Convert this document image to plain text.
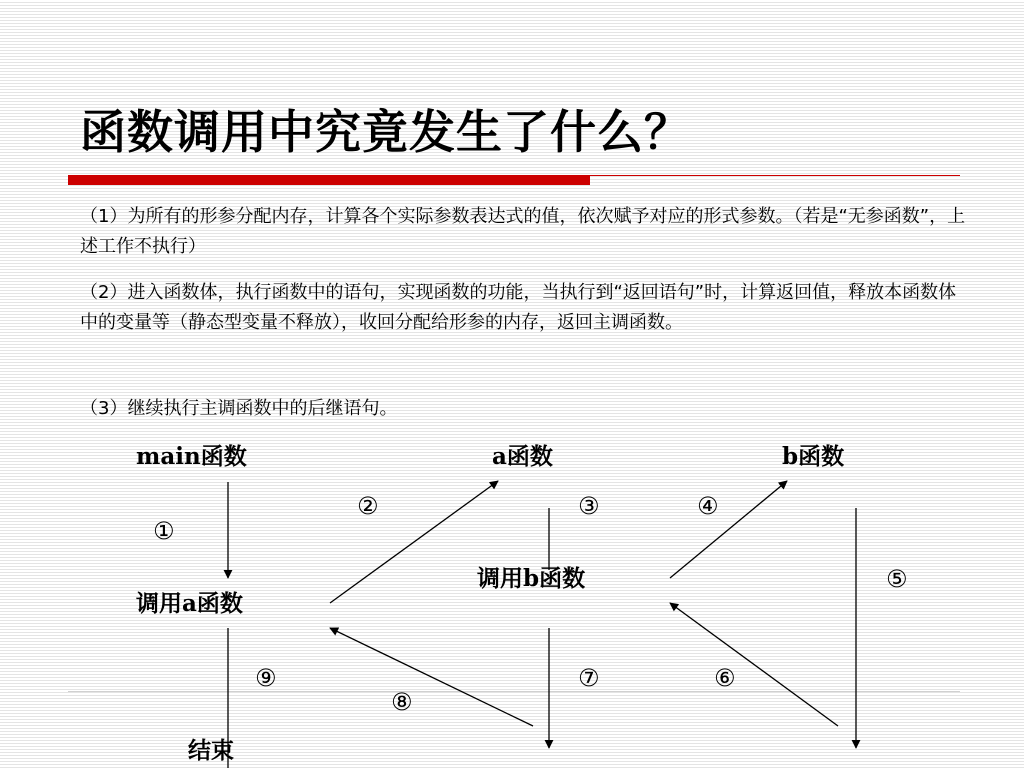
函数调用中究竟发生了什么？
（1）为所有的形参分配内存，计算各个实际参数表达式的值，依次赋予对应的形式参数。（若是“无参函数”，上述工作不执行）
（2）进入函数体，执行函数中的语句，实现函数的功能，当执行到“返回语句”时，计算返回值，释放本函数体中的变量等（静态型变量不释放），收回分配给形参的内存，返回主调函数。
（3）继续执行主调函数中的后继语句。
main函数	a函数	b函数
调用a函数
调用b函数
结束
①
②	③	④
⑤
⑥
⑦
⑧
⑨
